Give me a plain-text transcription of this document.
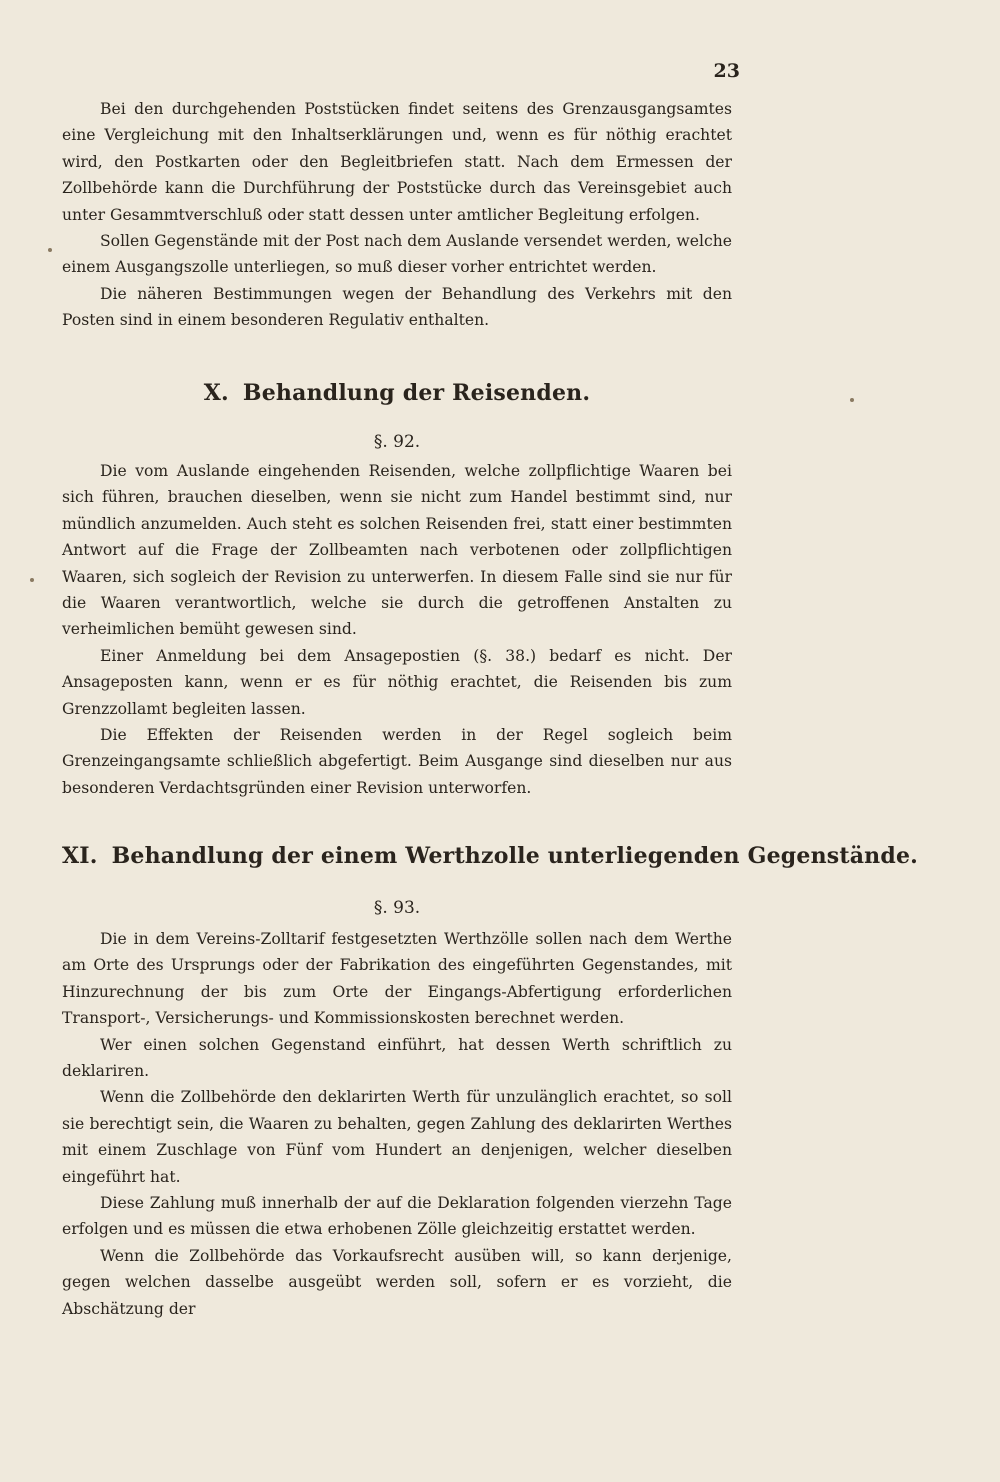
23

Bei den durchgehenden Poststücken findet seitens des Grenzausgangsamtes eine Vergleichung mit den Inhaltserklärungen und, wenn es für nöthig erachtet wird, den Postkarten oder den Begleitbriefen statt. Nach dem Ermessen der Zollbehörde kann die Durchführung der Poststücke durch das Vereinsgebiet auch unter Gesammtverschluß oder statt dessen unter amtlicher Begleitung erfolgen.

Sollen Gegenstände mit der Post nach dem Auslande versendet werden, welche einem Ausgangszolle unterliegen, so muß dieser vorher entrichtet werden.

Die näheren Bestimmungen wegen der Behandlung des Verkehrs mit den Posten sind in einem besonderen Regulativ enthalten.

X. Behandlung der Reisenden.
§. 92.

Die vom Auslande eingehenden Reisenden, welche zollpflichtige Waaren bei sich führen, brauchen dieselben, wenn sie nicht zum Handel bestimmt sind, nur mündlich anzumelden. Auch steht es solchen Reisenden frei, statt einer bestimmten Antwort auf die Frage der Zollbeamten nach verbotenen oder zollpflichtigen Waaren, sich sogleich der Revision zu unterwerfen. In diesem Falle sind sie nur für die Waaren verantwortlich, welche sie durch die getroffenen Anstalten zu verheimlichen bemüht gewesen sind.

Einer Anmeldung bei dem Ansagepostien (§. 38.) bedarf es nicht. Der Ansageposten kann, wenn er es für nöthig erachtet, die Reisenden bis zum Grenzzollamt begleiten lassen.

Die Effekten der Reisenden werden in der Regel sogleich beim Grenzeingangsamte schließlich abgefertigt. Beim Ausgange sind dieselben nur aus besonderen Verdachtsgründen einer Revision unterworfen.

XI. Behandlung der einem Werthzolle unterliegenden Gegenstände.
§. 93.

Die in dem Vereins-Zolltarif festgesetzten Werthzölle sollen nach dem Werthe am Orte des Ursprungs oder der Fabrikation des eingeführten Gegenstandes, mit Hinzurechnung der bis zum Orte der Eingangs-Abfertigung erforderlichen Transport-, Versicherungs- und Kommissionskosten berechnet werden.

Wer einen solchen Gegenstand einführt, hat dessen Werth schriftlich zu deklariren.

Wenn die Zollbehörde den deklarirten Werth für unzulänglich erachtet, so soll sie berechtigt sein, die Waaren zu behalten, gegen Zahlung des deklarirten Werthes mit einem Zuschlage von Fünf vom Hundert an denjenigen, welcher dieselben eingeführt hat.

Diese Zahlung muß innerhalb der auf die Deklaration folgenden vierzehn Tage erfolgen und es müssen die etwa erhobenen Zölle gleichzeitig erstattet werden.

Wenn die Zollbehörde das Vorkaufsrecht ausüben will, so kann derjenige, gegen welchen dasselbe ausgeübt werden soll, sofern er es vorzieht, die Abschätzung der
